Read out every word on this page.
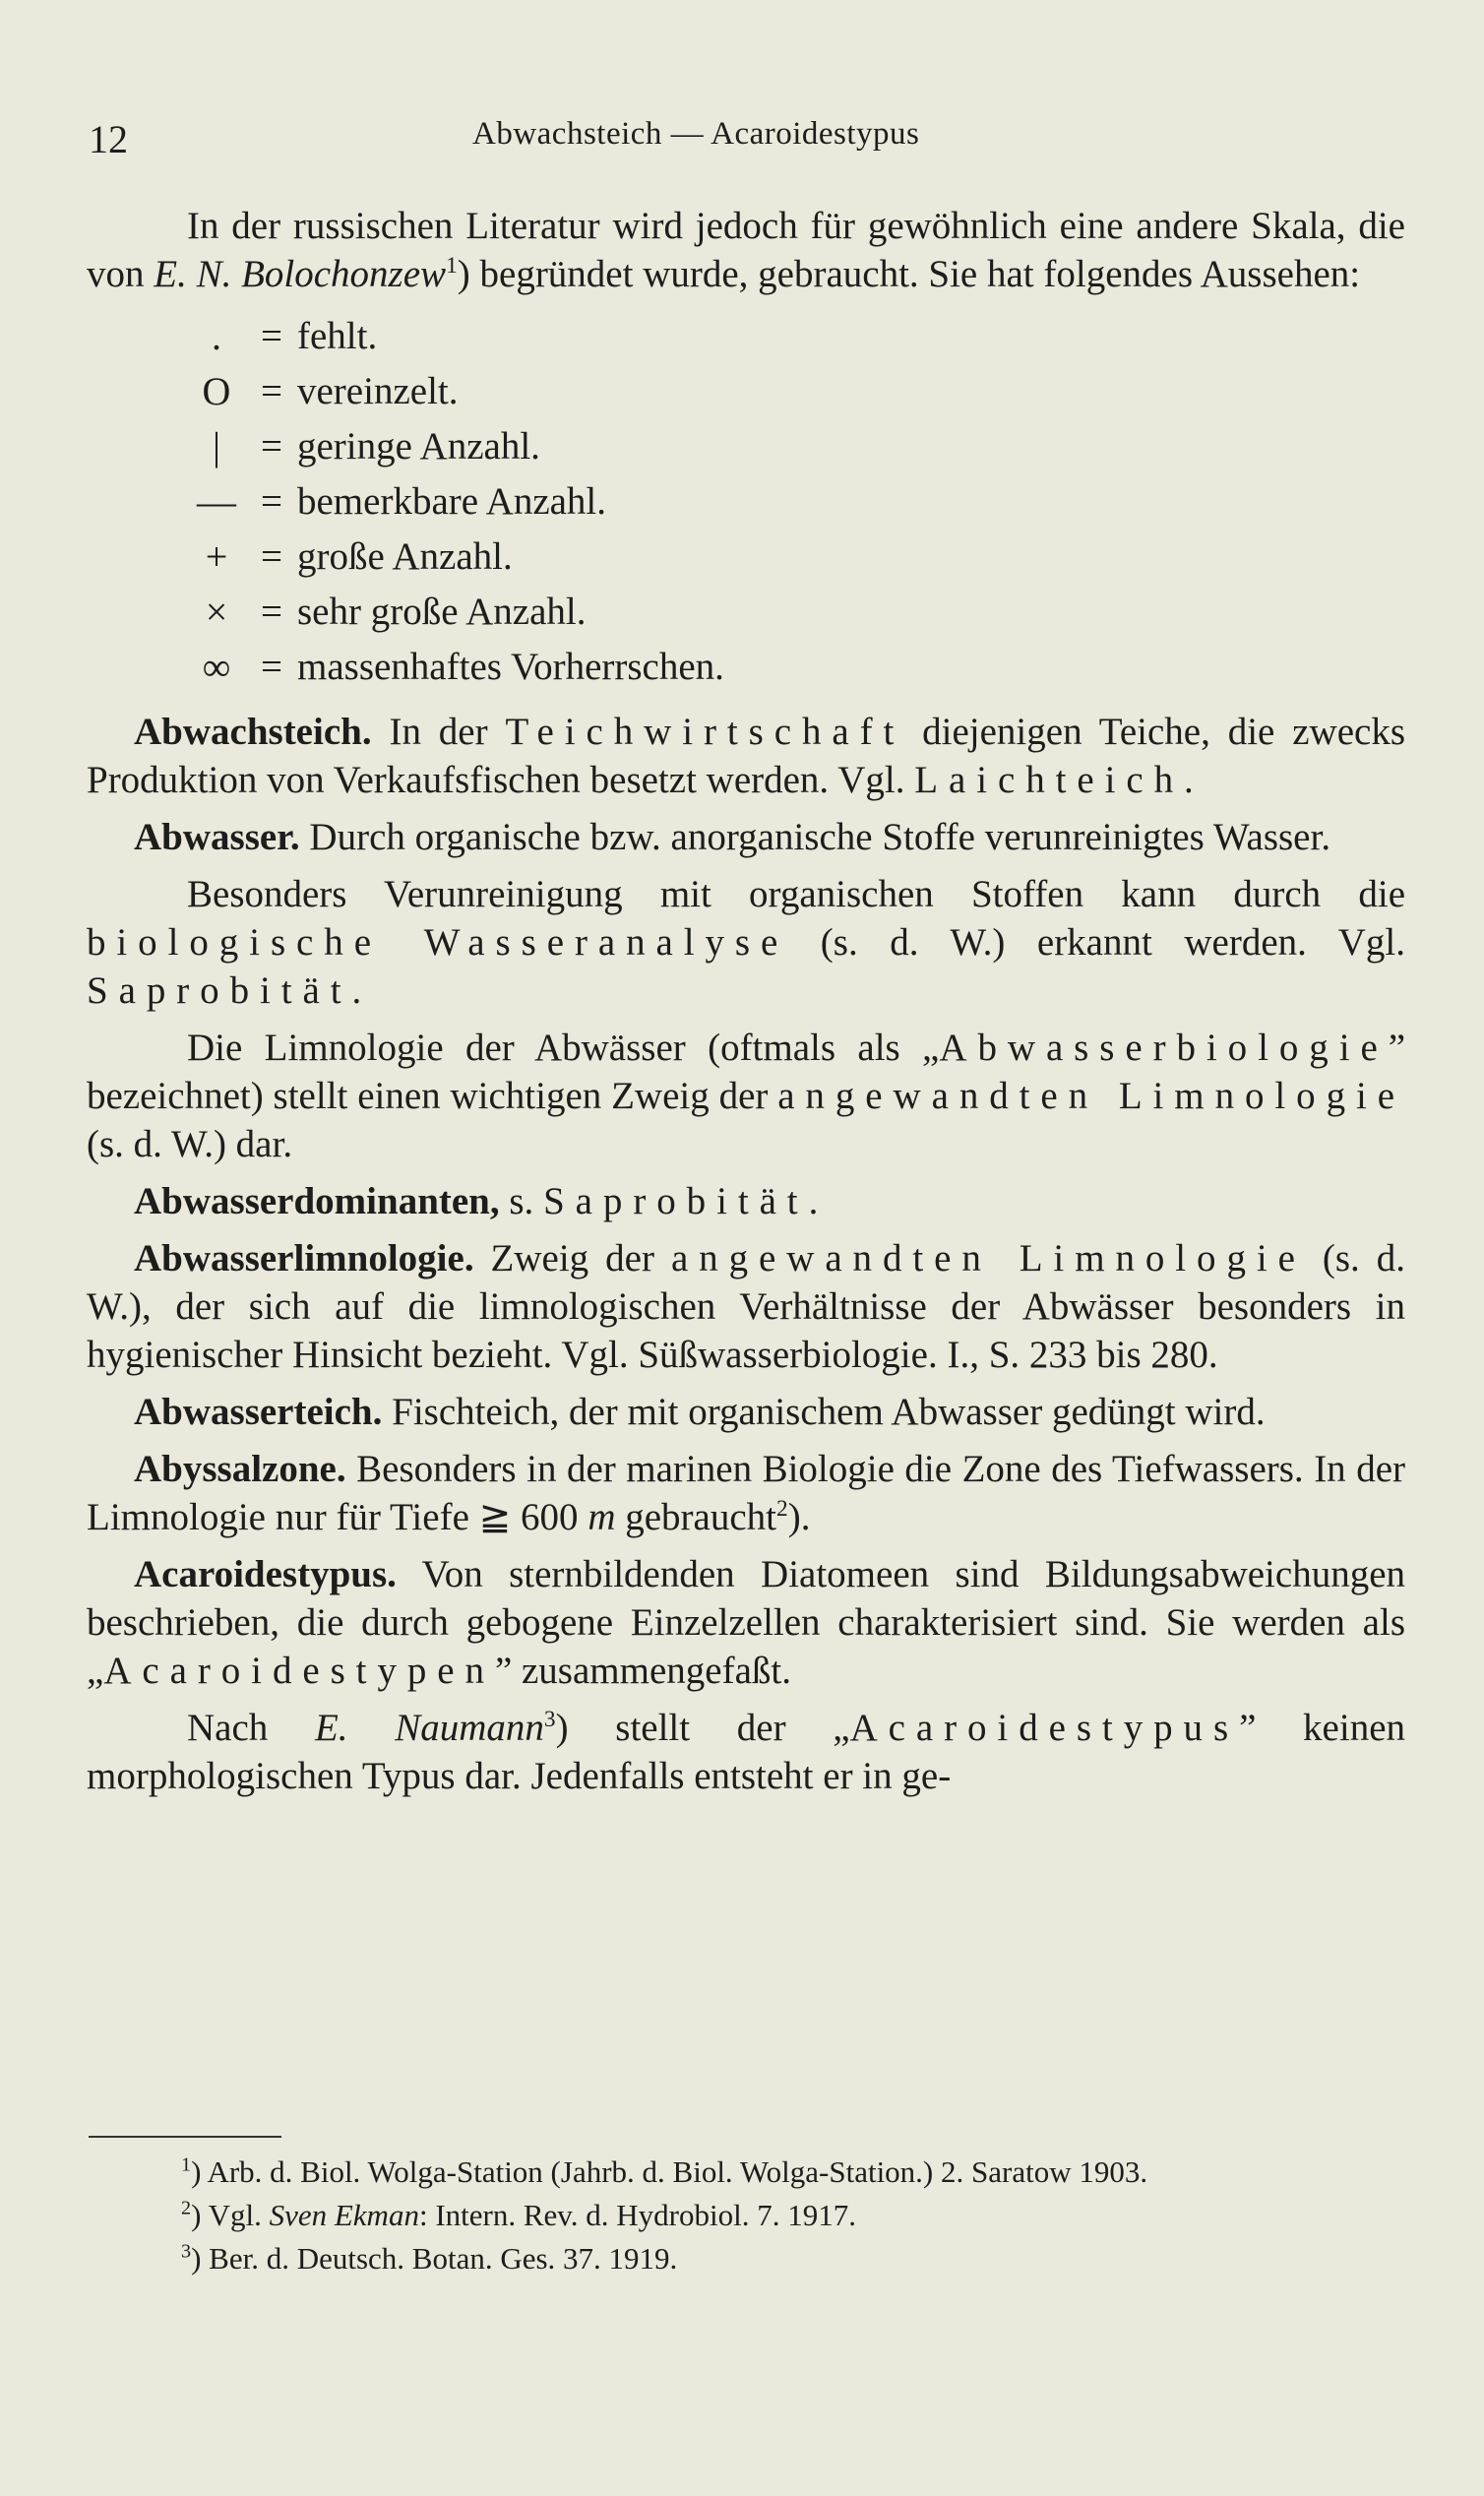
12	Abwachsteich — Acaroidestypus

In der russischen Literatur wird jedoch für gewöhnlich eine andere Skala, die von E. N. Bolochonzew$^1$) begründet wurde, gebraucht. Sie hat folgendes Aussehen:

.	= fehlt.
O = vereinzelt.
|	= geringe Anzahl.
— = bemerkbare Anzahl.
+ = große Anzahl.
× = sehr große Anzahl.
∞ = massenhaftes Vorherrschen.

Abwachsteich. In der Teichwirtschaft diejenigen Teiche, die zwecks Produktion von Verkaufsfischen besetzt werden. Vgl. Laichteich.

Abwasser. Durch organische bzw. anorganische Stoffe verunreinigtes Wasser.

Besonders Verunreinigung mit organischen Stoffen kann durch die biologische Wasseranalyse (s. d. W.) erkannt werden. Vgl. Saprobität.

Die Limnologie der Abwässer (oftmals als „Abwasserbiologie” bezeichnet) stellt einen wichtigen Zweig der angewandten Limnologie (s. d. W.) dar.

Abwasserdominanten, s. Saprobität.

Abwasserlimnologie. Zweig der angewandten Limnologie (s. d. W.), der sich auf die limnologischen Verhältnisse der Abwässer besonders in hygienischer Hinsicht bezieht. Vgl. Süßwasserbiologie. I., S. 233 bis 280.

Abwasserteich. Fischteich, der mit organischem Abwasser gedüngt wird.

Abyssalzone. Besonders in der marinen Biologie die Zone des Tiefwassers. In der Limnologie nur für Tiefe ≧ 600 m gebraucht$^2$).

Acaroidestypus. Von sternbildenden Diatomeen sind Bildungsabweichungen beschrieben, die durch gebogene Einzelzellen charakterisiert sind. Sie werden als „Acaroidestypen” zusammengefaßt.

Nach E. Naumann$^3$) stellt der „Acaroidestypus” keinen morphologischen Typus dar. Jedenfalls entsteht er in ge-

$^1$) Arb. d. Biol. Wolga-Station (Jahrb. d. Biol. Wolga-Station.) 2. Saratow 1903.

$^2$) Vgl. Sven Ekman: Intern. Rev. d. Hydrobiol. 7. 1917.

$^3$) Ber. d. Deutsch. Botan. Ges. 37. 1919.
